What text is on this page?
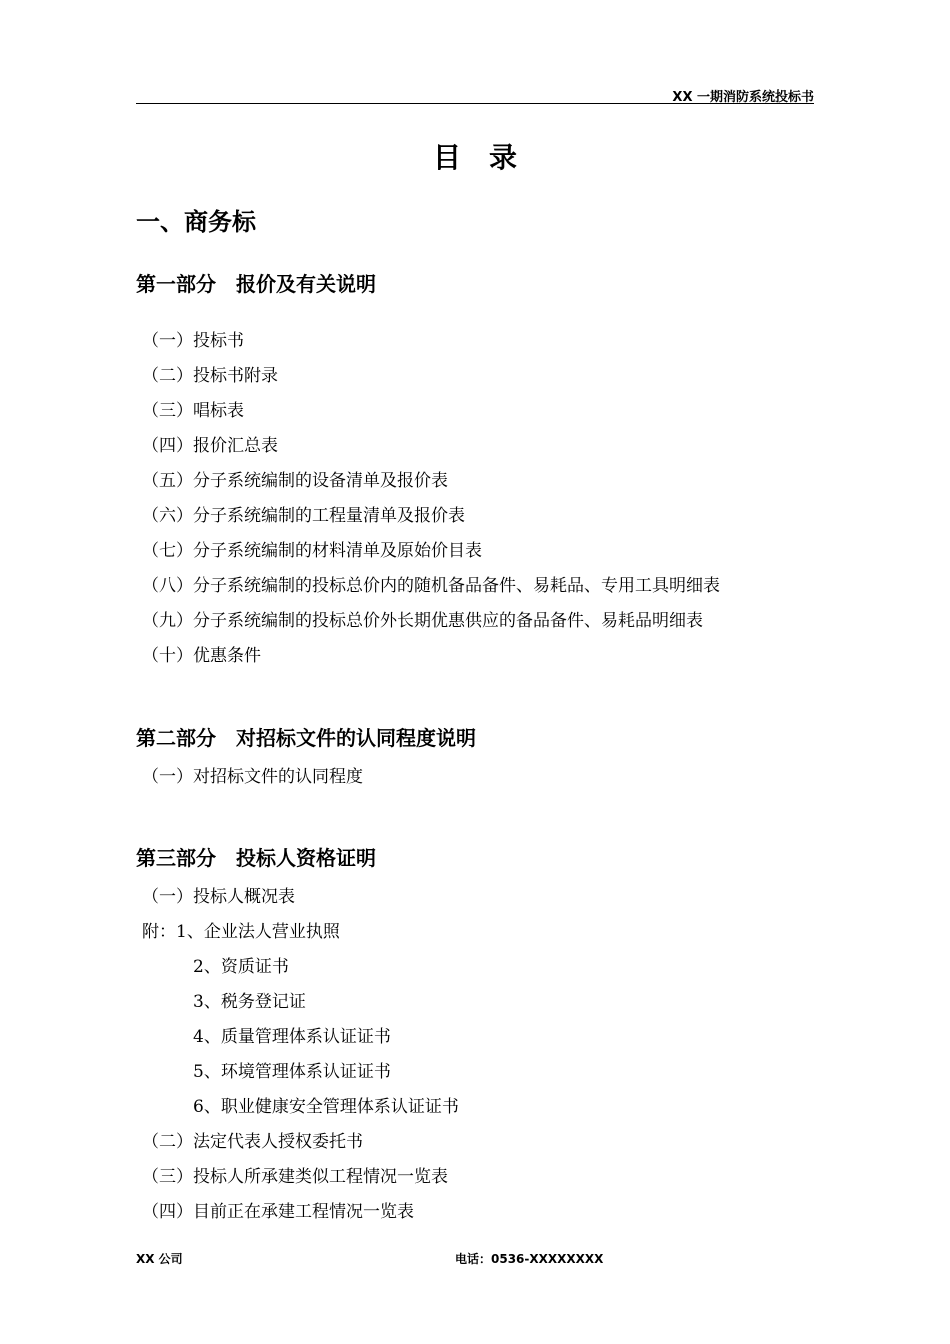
XX 一期消防系统投标书
目录
一、商务标
第一部分 报价及有关说明
（一）投标书
（二）投标书附录
（三）唱标表
（四）报价汇总表
（五）分子系统编制的设备清单及报价表
（六）分子系统编制的工程量清单及报价表
（七）分子系统编制的材料清单及原始价目表
（八）分子系统编制的投标总价内的随机备品备件、易耗品、专用工具明细表
（九）分子系统编制的投标总价外长期优惠供应的备品备件、易耗品明细表
（十）优惠条件
第二部分 对招标文件的认同程度说明
（一）对招标文件的认同程度
第三部分 投标人资格证明
（一）投标人概况表
附：1、企业法人营业执照
2、资质证书
3、税务登记证
4、质量管理体系认证证书
5、环境管理体系认证证书
6、职业健康安全管理体系认证证书
（二）法定代表人授权委托书
（三）投标人所承建类似工程情况一览表
（四）目前正在承建工程情况一览表
XX 公司	电话：0536-XXXXXXXX
